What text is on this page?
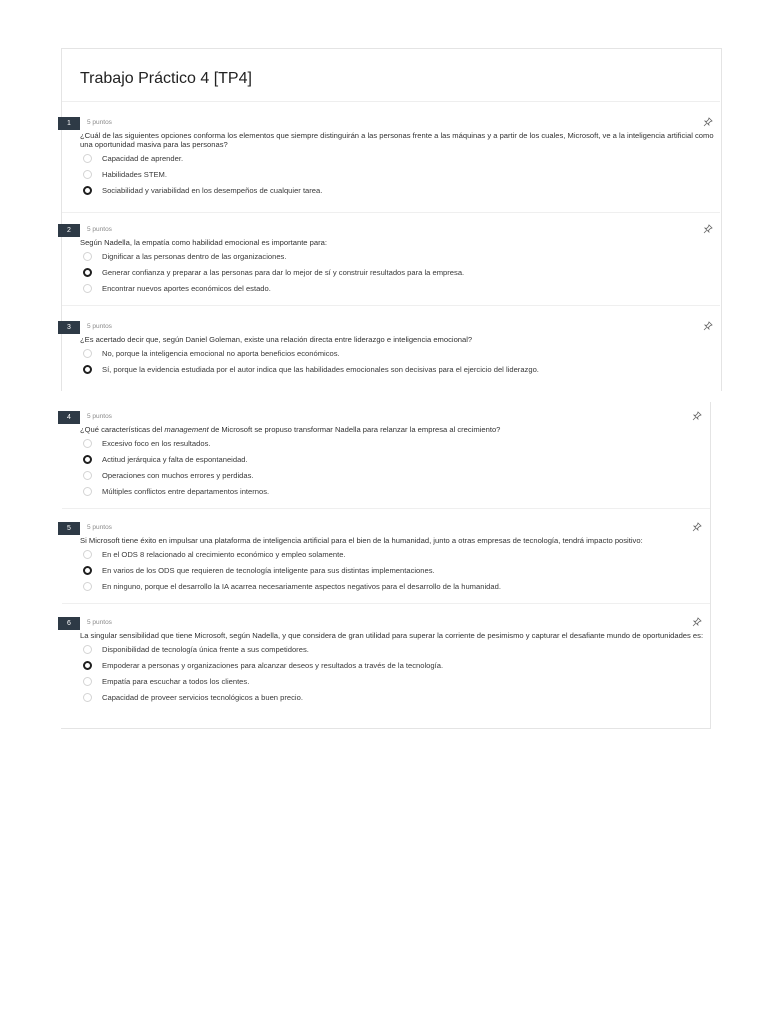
Trabajo Práctico 4 [TP4]
1	5 puntos

¿Cuál de las siguientes opciones conforma los elementos que siempre distinguirán a las personas frente a las máquinas y a partir de los cuales, Microsoft, ve a la inteligencia artificial como una oportunidad masiva para las personas?

Capacidad de aprender.
Habilidades STEM.
Sociabilidad y variabilidad en los desempeños de cualquier tarea.
2	5 puntos

Según Nadella, la empatía como habilidad emocional es importante para:

Dignificar a las personas dentro de las organizaciones.
Generar confianza y preparar a las personas para dar lo mejor de sí y construir resultados para la empresa.
Encontrar nuevos aportes económicos del estado.
3	5 puntos

¿Es acertado decir que, según Daniel Goleman, existe una relación directa entre liderazgo e inteligencia emocional?

No, porque la inteligencia emocional no aporta beneficios económicos.
Sí, porque la evidencia estudiada por el autor indica que las habilidades emocionales son decisivas para el ejercicio del liderazgo.
4	5 puntos

¿Qué características del management de Microsoft se propuso transformar Nadella para relanzar la empresa al crecimiento?

Excesivo foco en los resultados.
Actitud jerárquica y falta de espontaneidad.
Operaciones con muchos errores y perdidas.
Múltiples conflictos entre departamentos internos.
5	5 puntos

Si Microsoft tiene éxito en impulsar una plataforma de inteligencia artificial para el bien de la humanidad, junto a otras empresas de tecnología, tendrá impacto positivo:

En el ODS 8 relacionado al crecimiento económico y empleo solamente.
En varios de los ODS que requieren de tecnología inteligente para sus distintas implementaciones.
En ninguno, porque el desarrollo la IA acarrea necesariamente aspectos negativos para el desarrollo de la humanidad.
6	5 puntos

La singular sensibilidad que tiene Microsoft, según Nadella, y que considera de gran utilidad para superar la corriente de pesimismo y capturar el desafiante mundo de oportunidades es:

Disponibilidad de tecnología única frente a sus competidores.
Empoderar a personas y organizaciones para alcanzar deseos y resultados a través de la tecnología.
Empatía para escuchar a todos los clientes.
Capacidad de proveer servicios tecnológicos a buen precio.
